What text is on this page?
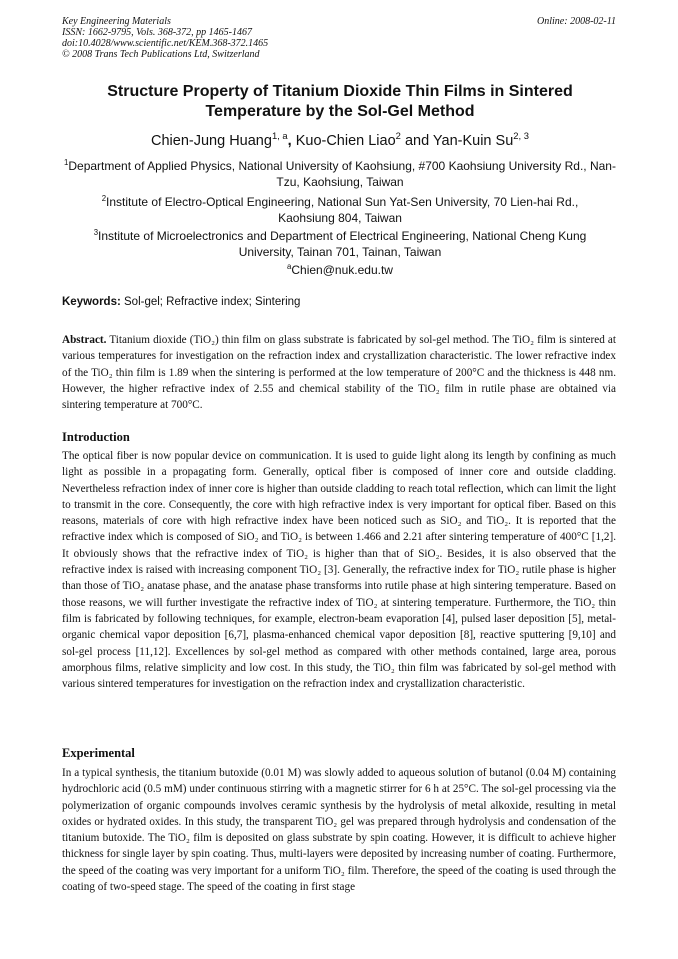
Key Engineering Materials
ISSN: 1662-9795, Vols. 368-372, pp 1465-1467
doi:10.4028/www.scientific.net/KEM.368-372.1465
© 2008 Trans Tech Publications Ltd, Switzerland
Online: 2008-02-11
Structure Property of Titanium Dioxide Thin Films in Sintered Temperature by the Sol-Gel Method
Chien-Jung Huang$^{1, a}$, Kuo-Chien Liao$^2$ and Yan-Kuin Su$^{2, 3}$
$^1$Department of Applied Physics, National University of Kaohsiung, #700 Kaohsiung University Rd., Nan-Tzu, Kaohsiung, Taiwan
$^2$Institute of Electro-Optical Engineering, National Sun Yat-Sen University, 70 Lien-hai Rd., Kaohsiung 804, Taiwan
$^3$Institute of Microelectronics and Department of Electrical Engineering, National Cheng Kung University, Tainan 701, Tainan, Taiwan
$^a$Chien@nuk.edu.tw
Keywords: Sol-gel; Refractive index; Sintering
Abstract. Titanium dioxide (TiO₂) thin film on glass substrate is fabricated by sol-gel method. The TiO₂ film is sintered at various temperatures for investigation on the refraction index and crystallization characteristic. The lower refractive index of the TiO₂ thin film is 1.89 when the sintering is performed at the low temperature of 200°C and the thickness is 448 nm. However, the higher refractive index of 2.55 and chemical stability of the TiO₂ film in rutile phase are obtained via sintering temperature at 700°C.
Introduction
The optical fiber is now popular device on communication. It is used to guide light along its length by confining as much light as possible in a propagating form. Generally, optical fiber is composed of inner core and outside cladding. Nevertheless refraction index of inner core is higher than outside cladding to reach total reflection, which can limit the light to transmit in the core. Consequently, the core with high refractive index is very important for optical fiber. Based on this reasons, materials of core with high refractive index have been noticed such as SiO₂ and TiO₂. It is reported that the refractive index which is composed of SiO₂ and TiO₂ is between 1.466 and 2.21 after sintering temperature of 400°C [1,2]. It obviously shows that the refractive index of TiO₂ is higher than that of SiO₂. Besides, it is also observed that the refractive index is raised with increasing component TiO₂ [3]. Generally, the refractive index for TiO₂ rutile phase is higher than those of TiO₂ anatase phase, and the anatase phase transforms into rutile phase at high sintering temperature. Based on those reasons, we will further investigate the refractive index of TiO₂ at sintering temperature. Furthermore, the TiO₂ thin film is fabricated by following techniques, for example, electron-beam evaporation [4], pulsed laser deposition [5], metal-organic chemical vapor deposition [6,7], plasma-enhanced chemical vapor deposition [8], reactive sputtering [9,10] and sol-gel process [11,12]. Excellences by sol-gel method as compared with other methods contained, large area, porous amorphous films, relative simplicity and low cost. In this study, the TiO₂ thin film was fabricated by sol-gel method with various sintered temperatures for investigation on the refraction index and crystallization characteristic.
Experimental
In a typical synthesis, the titanium butoxide (0.01 M) was slowly added to aqueous solution of butanol (0.04 M) containing hydrochloric acid (0.5 mM) under continuous stirring with a magnetic stirrer for 6 h at 25°C. The sol-gel processing via the polymerization of organic compounds involves ceramic synthesis by the hydrolysis of metal alkoxide, resulting in metal oxides or hydrated oxides. In this study, the transparent TiO₂ gel was prepared through hydrolysis and condensation of the titanium butoxide. The TiO₂ film is deposited on glass substrate by spin coating. However, it is difficult to achieve higher thickness for single layer by spin coating. Thus, multi-layers were deposited by increasing number of coating. Furthermore, the speed of the coating was very important for a uniform TiO₂ film. Therefore, the speed of the coating is used through the coating of two-speed stage. The speed of the coating in first stage
